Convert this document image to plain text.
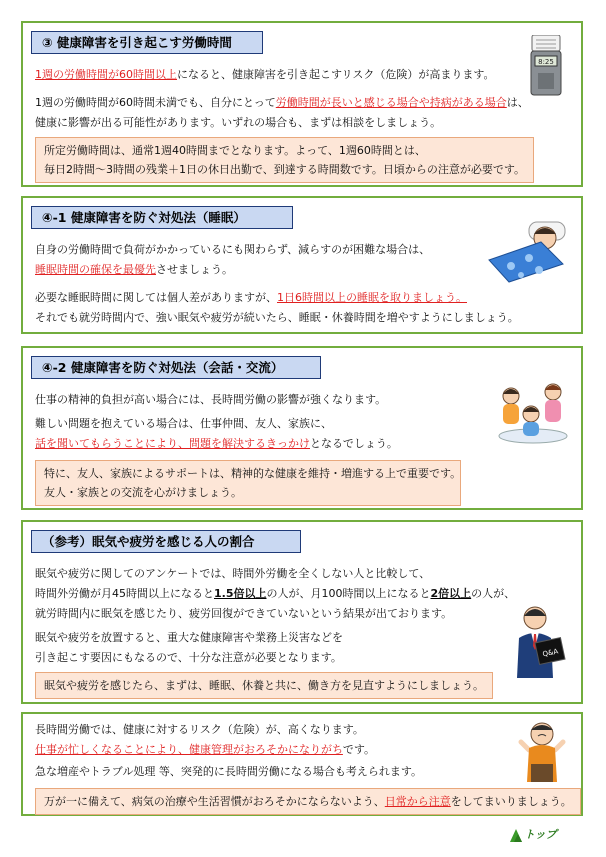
③ 健康障害を引き起こす労働時間
1週の労働時間が60時間以上になると、健康障害を引き起こすリスク（危険）が高まります。
1週の労働時間が60時間未満でも、自分にとって労働時間が長いと感じる場合や持病がある場合は、
健康に影響が出る可能性があります。いずれの場合も、まずは相談をしましょう。
所定労働時間は、通常1週40時間までとなります。よって、1週60時間とは、
毎日2時間～3時間の残業＋1日の休日出勤で、到達する時間数です。日頃からの注意が必要です。
8:25
④-1 健康障害を防ぐ対処法（睡眠）
自身の労働時間で負荷がかかっているにも関わらず、減らすのが困難な場合は、
睡眠時間の確保を最優先させましょう。
必要な睡眠時間に関しては個人差がありますが、1日6時間以上の睡眠を取りましょう。
それでも就労時間内で、強い眠気や疲労が続いたら、睡眠・休養時間を増やすようにしましょう。
④-2 健康障害を防ぐ対処法（会話・交流）
仕事の精神的負担が高い場合には、長時間労働の影響が強くなります。
難しい問題を抱えている場合は、仕事仲間、友人、家族に、
話を聞いてもらうことにより、問題を解決するきっかけとなるでしょう。
特に、友人、家族によるサポートは、精神的な健康を維持・増進する上で重要です。
友人・家族との交流を心がけましょう。
（参考）眠気や疲労を感じる人の割合
眠気や疲労に関してのアンケートでは、時間外労働を全くしない人と比較して、
時間外労働が月45時間以上になると1.5倍以上の人が、月100時間以上になると2倍以上の人が、
就労時間内に眠気を感じたり、疲労回復ができていないという結果が出ております。
眠気や疲労を放置すると、重大な健康障害や業務上災害などを
引き起こす要因にもなるので、十分な注意が必要となります。
眠気や疲労を感じたら、まずは、睡眠、休養と共に、働き方を見直すようにしましょう。
Q&A
長時間労働では、健康に対するリスク（危険）が、高くなります。
仕事が忙しくなることにより、健康管理がおろそかになりがちです。
急な増産やトラブル処理 等、突発的に長時間労働になる場合も考えられます。
万が一に備えて、病気の治療や生活習慣がおろそかにならないよう、日常から注意をしてまいりましょう。
トップ
